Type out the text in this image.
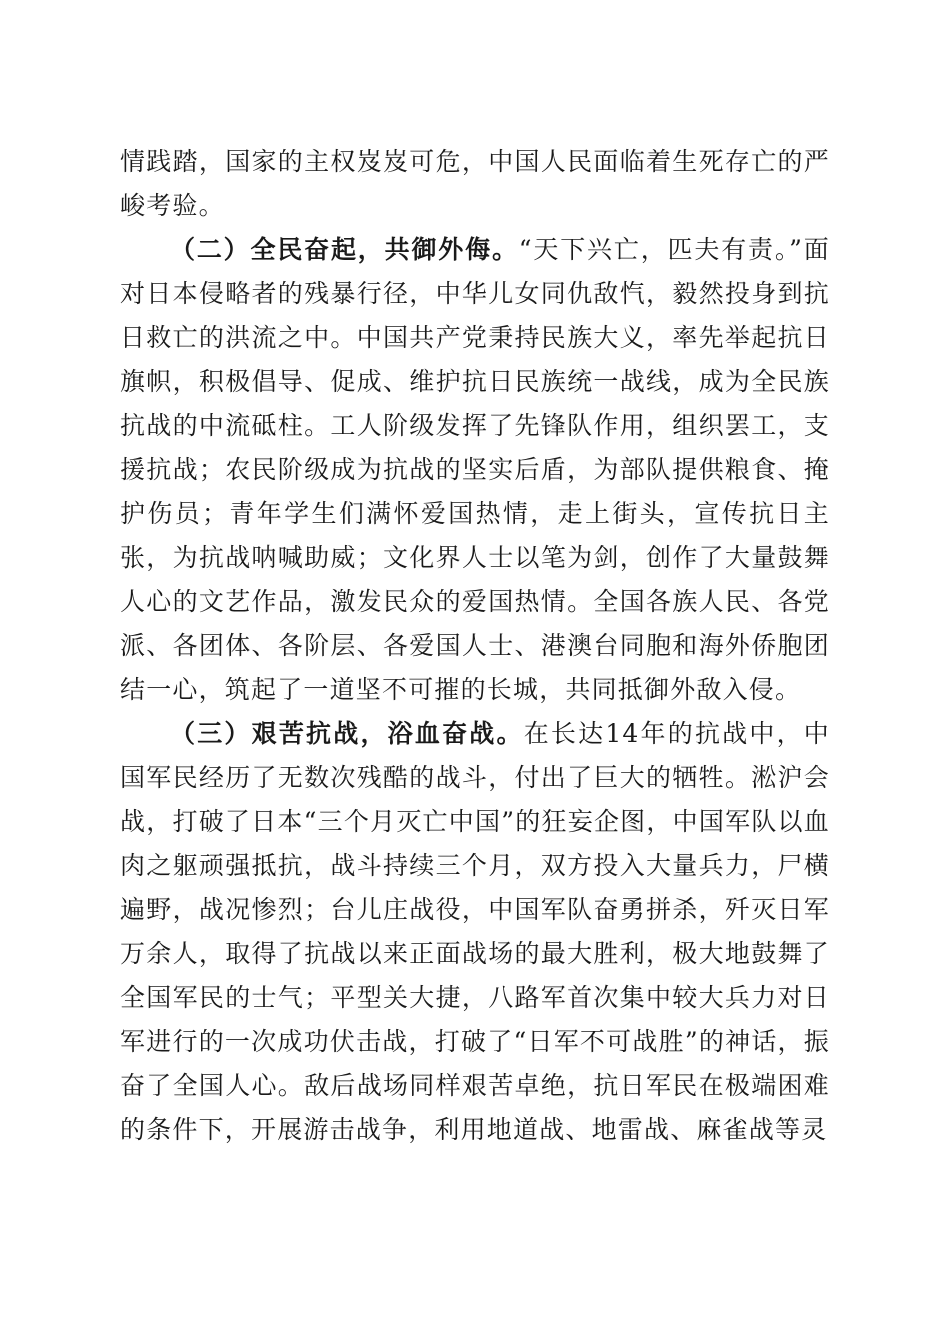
情践踏，国家的主权岌岌可危，中国人民面临着生死存亡的严峻考验。

（二）全民奋起，共御外侮。“天下兴亡，匹夫有责。”面对日本侵略者的残暴行径，中华儿女同仇敌忾，毅然投身到抗日救亡的洪流之中。中国共产党秉持民族大义，率先举起抗日旗帜，积极倡导、促成、维护抗日民族统一战线，成为全民族抗战的中流砥柱。工人阶级发挥了先锋队作用，组织罢工，支援抗战；农民阶级成为抗战的坚实后盾，为部队提供粮食、掩护伤员；青年学生们满怀爱国热情，走上街头，宣传抗日主张，为抗战呐喊助威；文化界人士以笔为剑，创作了大量鼓舞人心的文艺作品，激发民众的爱国热情。全国各族人民、各党派、各团体、各阶层、各爱国人士、港澳台同胞和海外侨胞团结一心，筑起了一道坚不可摧的长城，共同抵御外敌入侵。

（三）艰苦抗战，浴血奋战。在长达14年的抗战中，中国军民经历了无数次残酷的战斗，付出了巨大的牺牲。淞沪会战，打破了日本“三个月灭亡中国”的狂妄企图，中国军队以血肉之躯顽强抵抗，战斗持续三个月，双方投入大量兵力，尸横遍野，战况惨烈；台儿庄战役，中国军队奋勇拼杀，歼灭日军万余人，取得了抗战以来正面战场的最大胜利，极大地鼓舞了全国军民的士气；平型关大捷，八路军首次集中较大兵力对日军进行的一次成功伏击战，打破了“日军不可战胜”的神话，振奋了全国人心。敌后战场同样艰苦卓绝，抗日军民在极端困难的条件下，开展游击战争，利用地道战、地雷战、麻雀战等灵
